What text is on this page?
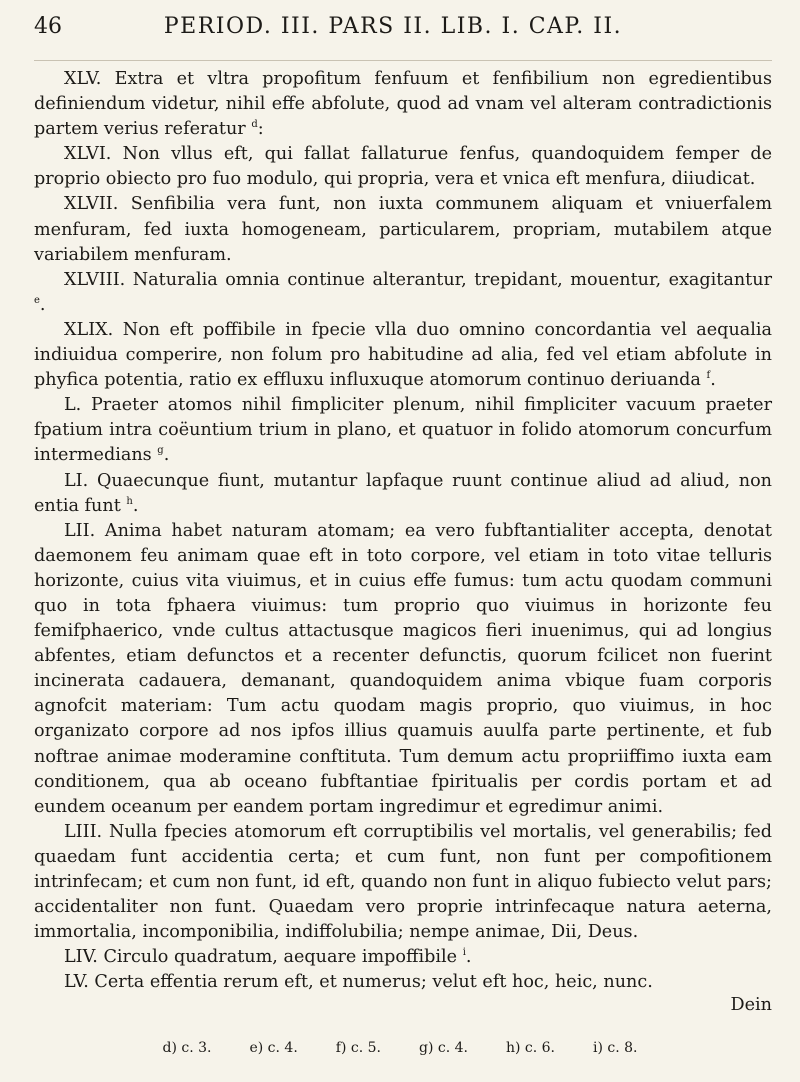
46	PERIOD. III. PARS II. LIB. I. CAP. II.

XLV. Extra et vltra propofitum fenfuum et fenfibilium non egredientibus definiendum videtur, nihil effe abfolute, quod ad vnam vel alteram contradictionis partem verius referatur $^d$:

XLVI. Non vllus eft, qui fallat fallaturue fenfus, quandoquidem femper de proprio obiecto pro fuo modulo, qui propria, vera et vnica eft menfura, diiudicat.

XLVII. Senfibilia vera funt, non iuxta communem aliquam et vniuerfalem menfuram, fed iuxta homogeneam, particularem, propriam, mutabilem atque variabilem menfuram.

XLVIII. Naturalia omnia continue alterantur, trepidant, mouentur, exagitantur $^e$.

XLIX. Non eft poffibile in fpecie vlla duo omnino concordantia vel aequalia indiuidua comperire, non folum pro habitudine ad alia, fed vel etiam abfolute in phyfica potentia, ratio ex effluxu influxuque atomorum continuo deriuanda $^f$.

L. Praeter atomos nihil fimpliciter plenum, nihil fimpliciter vacuum praeter fpatium intra coëuntium trium in plano, et quatuor in folido atomorum concurfum intermedians $^g$.

LI. Quaecunque fiunt, mutantur lapfaque ruunt continue aliud ad aliud, non entia funt $^h$.

LII. Anima habet naturam atomam; ea vero fubftantialiter accepta, denotat daemonem feu animam quae eft in toto corpore, vel etiam in toto vitae telluris horizonte, cuius vita viuimus, et in cuius effe fumus: tum actu quodam communi quo in tota fphaera viuimus: tum proprio quo viuimus in horizonte feu femifphaerico, vnde cultus attactusque magicos fieri inuenimus, qui ad longius abfentes, etiam defunctos et a recenter defunctis, quorum fcilicet non fuerint incinerata cadauera, demanant, quandoquidem anima vbique fuam corporis agnofcit materiam: Tum actu quodam magis proprio, quo viuimus, in hoc organizato corpore ad nos ipfos illius quamuis auulfa parte pertinente, et fub noftrae animae moderamine conftituta. Tum demum actu propriiffimo iuxta eam conditionem, qua ab oceano fubftantiae fpiritualis per cordis portam et ad eundem oceanum per eandem portam ingredimur et egredimur animi.

LIII. Nulla fpecies atomorum eft corruptibilis vel mortalis, vel generabilis; fed quaedam funt accidentia certa; et cum funt, non funt per compofitionem intrinfecam; et cum non funt, id eft, quando non funt in aliquo fubiecto velut pars; accidentaliter non funt. Quaedam vero proprie intrinfecaque natura aeterna, immortalia, incomponibilia, indiffolubilia; nempe animae, Dii, Deus.

LIV. Circulo quadratum, aequare impoffibile $^i$.

LV. Certa effentia rerum eft, et numerus; velut eft hoc, heic, nunc.

Dein
d) c. 3.	e) c. 4.	f) c. 5.	g) c. 4.	h) c. 6.	i) c. 8.
